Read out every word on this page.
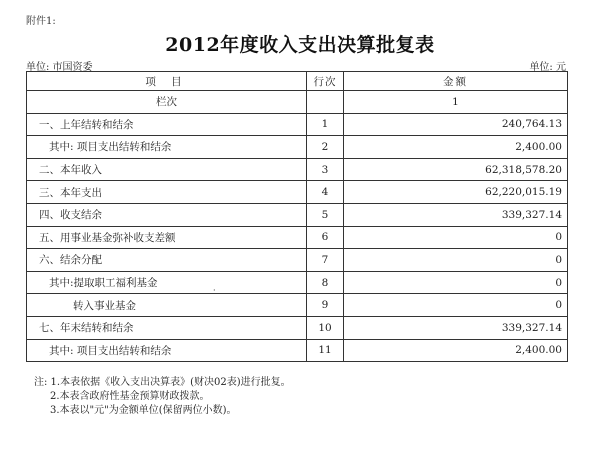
附件1:
2012年度收入支出决算批复表
单位: 市国资委	单位: 元
项 目	行次	金额
栏次		1
一、上年结转和结余	1	240,764.13
其中: 项目支出结转和结余	2	2,400.00
二、本年收入	3	62,318,578.20
三、本年支出	4	62,220,015.19
四、收支结余	5	339,327.14
五、用事业基金弥补收支差额	6	0
六、结余分配	7	0
其中:提取职工福利基金	8	0
转入事业基金	9	0
七、年末结转和结余	10	339,327.14
其中: 项目支出结转和结余	11	2,400.00
·
注: 1.本表依据《收入支出决算表》(财决02表)进行批复。
2.本表含政府性基金预算财政拨款。
3.本表以"元"为金额单位(保留两位小数)。
